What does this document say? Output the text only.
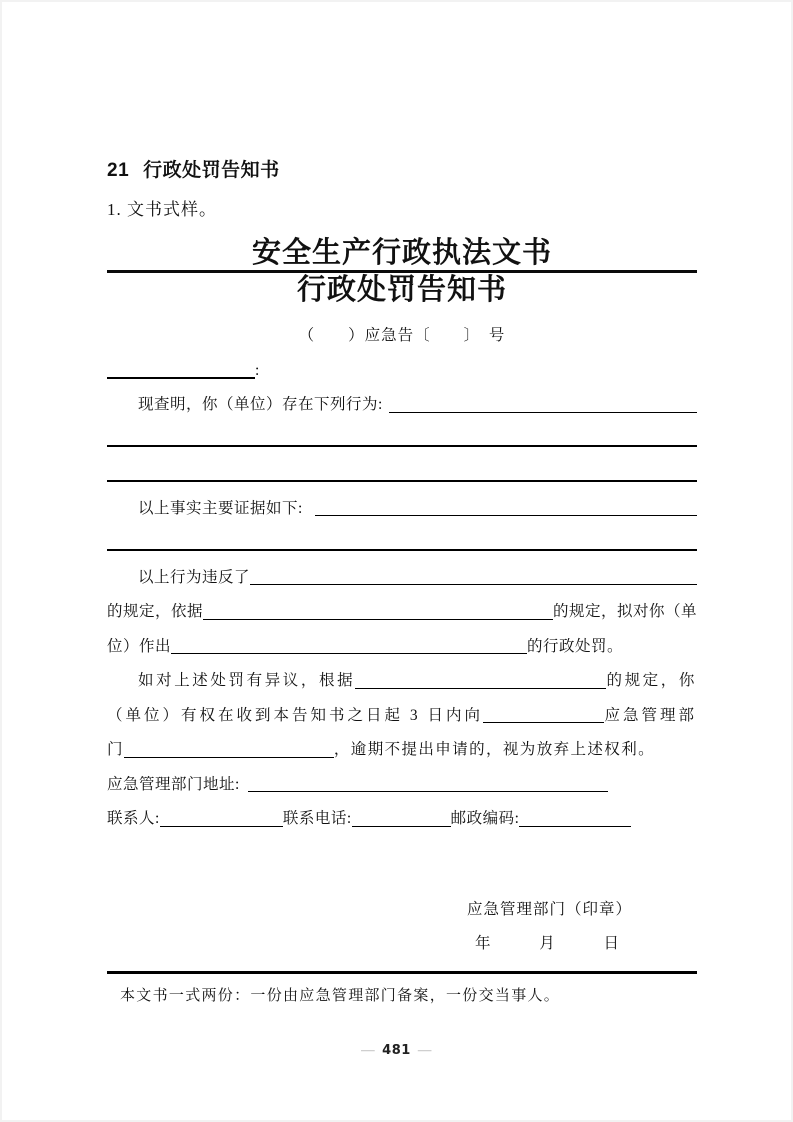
21 行政处罚告知书
1. 文书式样。
安全生产行政执法文书
行政处罚告知书
（　　）应急告〔　　〕　号
:
现查明，你（单位）存在下列行为:
以上事实主要证据如下:
以上行为违反了
的规定，依据	的规定，拟对你（单
位）作出	的行政处罚。
如对上述处罚有异议，根据	的规定，你
（单位）有权在收到本告知书之日起 3 日内向	应急管理部
门	，逾期不提出申请的，视为放弃上述权利。
应急管理部门地址:
联系人:	联系电话:	邮政编码:
应急管理部门（印章）
年	月	日
本文书一式两份：一份由应急管理部门备案，一份交当事人。
— 481 —
